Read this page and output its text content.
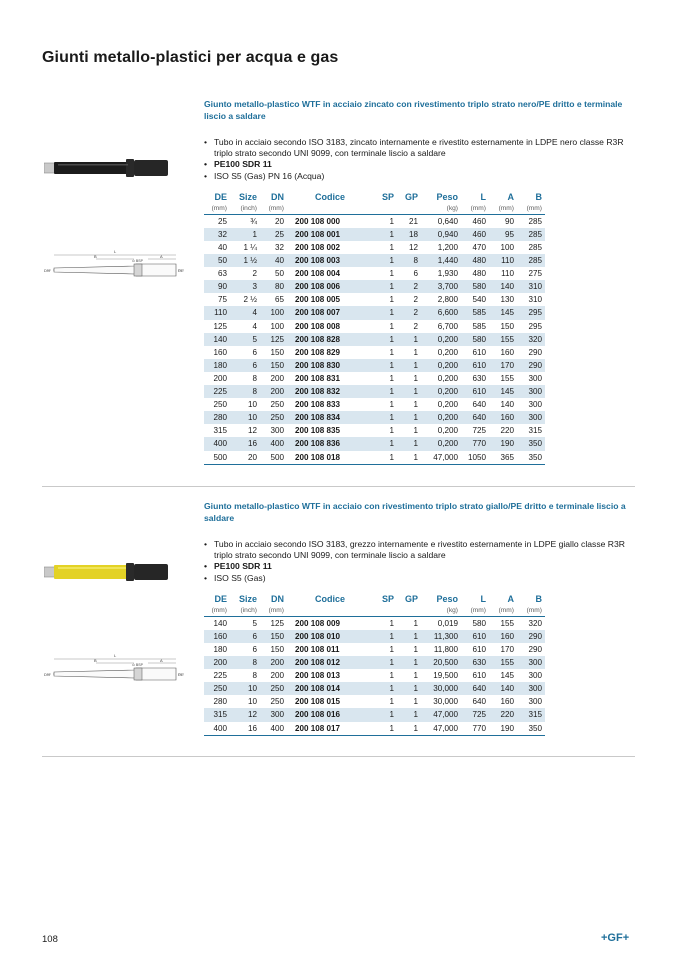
Giunti metallo-plastici per acqua e gas
L
B
⊙ BSP
A
DN	DE
Giunto metallo-plastico WTF in acciaio zincato con rivestimento triplo strato nero/PE dritto e terminale liscio a saldare
• Tubo in acciaio secondo ISO 3183, zincato internamente e rivestito esternamente in LDPE nero classe R3R triplo strato secondo UNI 9099, con terminale liscio a saldare
• PE100 SDR 11
• ISO S5 (Gas) PN 16 (Acqua)
DE	Size	DN	Codice	SP	GP	Peso	L	A	B
(mm)	(inch)	(mm)				(kg)	(mm)	(mm)	(mm)
25	¾	20	200 108 000	1	21	0,640	460	90	285
32	1	25	200 108 001	1	18	0,940	460	95	285
40	1 ¼	32	200 108 002	1	12	1,200	470	100	285
50	1 ½	40	200 108 003	1	8	1,440	480	110	285
63	2	50	200 108 004	1	6	1,930	480	110	275
90	3	80	200 108 006	1	2	3,700	580	140	310
75	2 ½	65	200 108 005	1	2	2,800	540	130	310
110	4	100	200 108 007	1	2	6,600	585	145	295
125	4	100	200 108 008	1	2	6,700	585	150	295
140	5	125	200 108 828	1	1	0,200	580	155	320
160	6	150	200 108 829	1	1	0,200	610	160	290
180	6	150	200 108 830	1	1	0,200	610	170	290
200	8	200	200 108 831	1	1	0,200	630	155	300
225	8	200	200 108 832	1	1	0,200	610	145	300
250	10	250	200 108 833	1	1	0,200	640	140	300
280	10	250	200 108 834	1	1	0,200	640	160	300
315	12	300	200 108 835	1	1	0,200	725	220	315
400	16	400	200 108 836	1	1	0,200	770	190	350
500	20	500	200 108 018	1	1	47,000	1050	365	350
L
B
⊙ BSP
A
DN	DE
Giunto metallo-plastico WTF in acciaio con rivestimento triplo strato giallo/PE dritto e terminale liscio a saldare
• Tubo in acciaio secondo ISO 3183, grezzo internamente e rivestito esternamente in LDPE giallo classe R3R triplo strato secondo UNI 9099, con terminale liscio a saldare
• PE100 SDR 11
• ISO S5 (Gas)
DE	Size	DN	Codice	SP	GP	Peso	L	A	B
(mm)	(inch)	(mm)				(kg)	(mm)	(mm)	(mm)
140	5	125	200 108 009	1	1	0,019	580	155	320
160	6	150	200 108 010	1	1	11,300	610	160	290
180	6	150	200 108 011	1	1	11,800	610	170	290
200	8	200	200 108 012	1	1	20,500	630	155	300
225	8	200	200 108 013	1	1	19,500	610	145	300
250	10	250	200 108 014	1	1	30,000	640	140	300
280	10	250	200 108 015	1	1	30,000	640	160	300
315	12	300	200 108 016	1	1	47,000	725	220	315
400	16	400	200 108 017	1	1	47,000	770	190	350
108	+GF+
